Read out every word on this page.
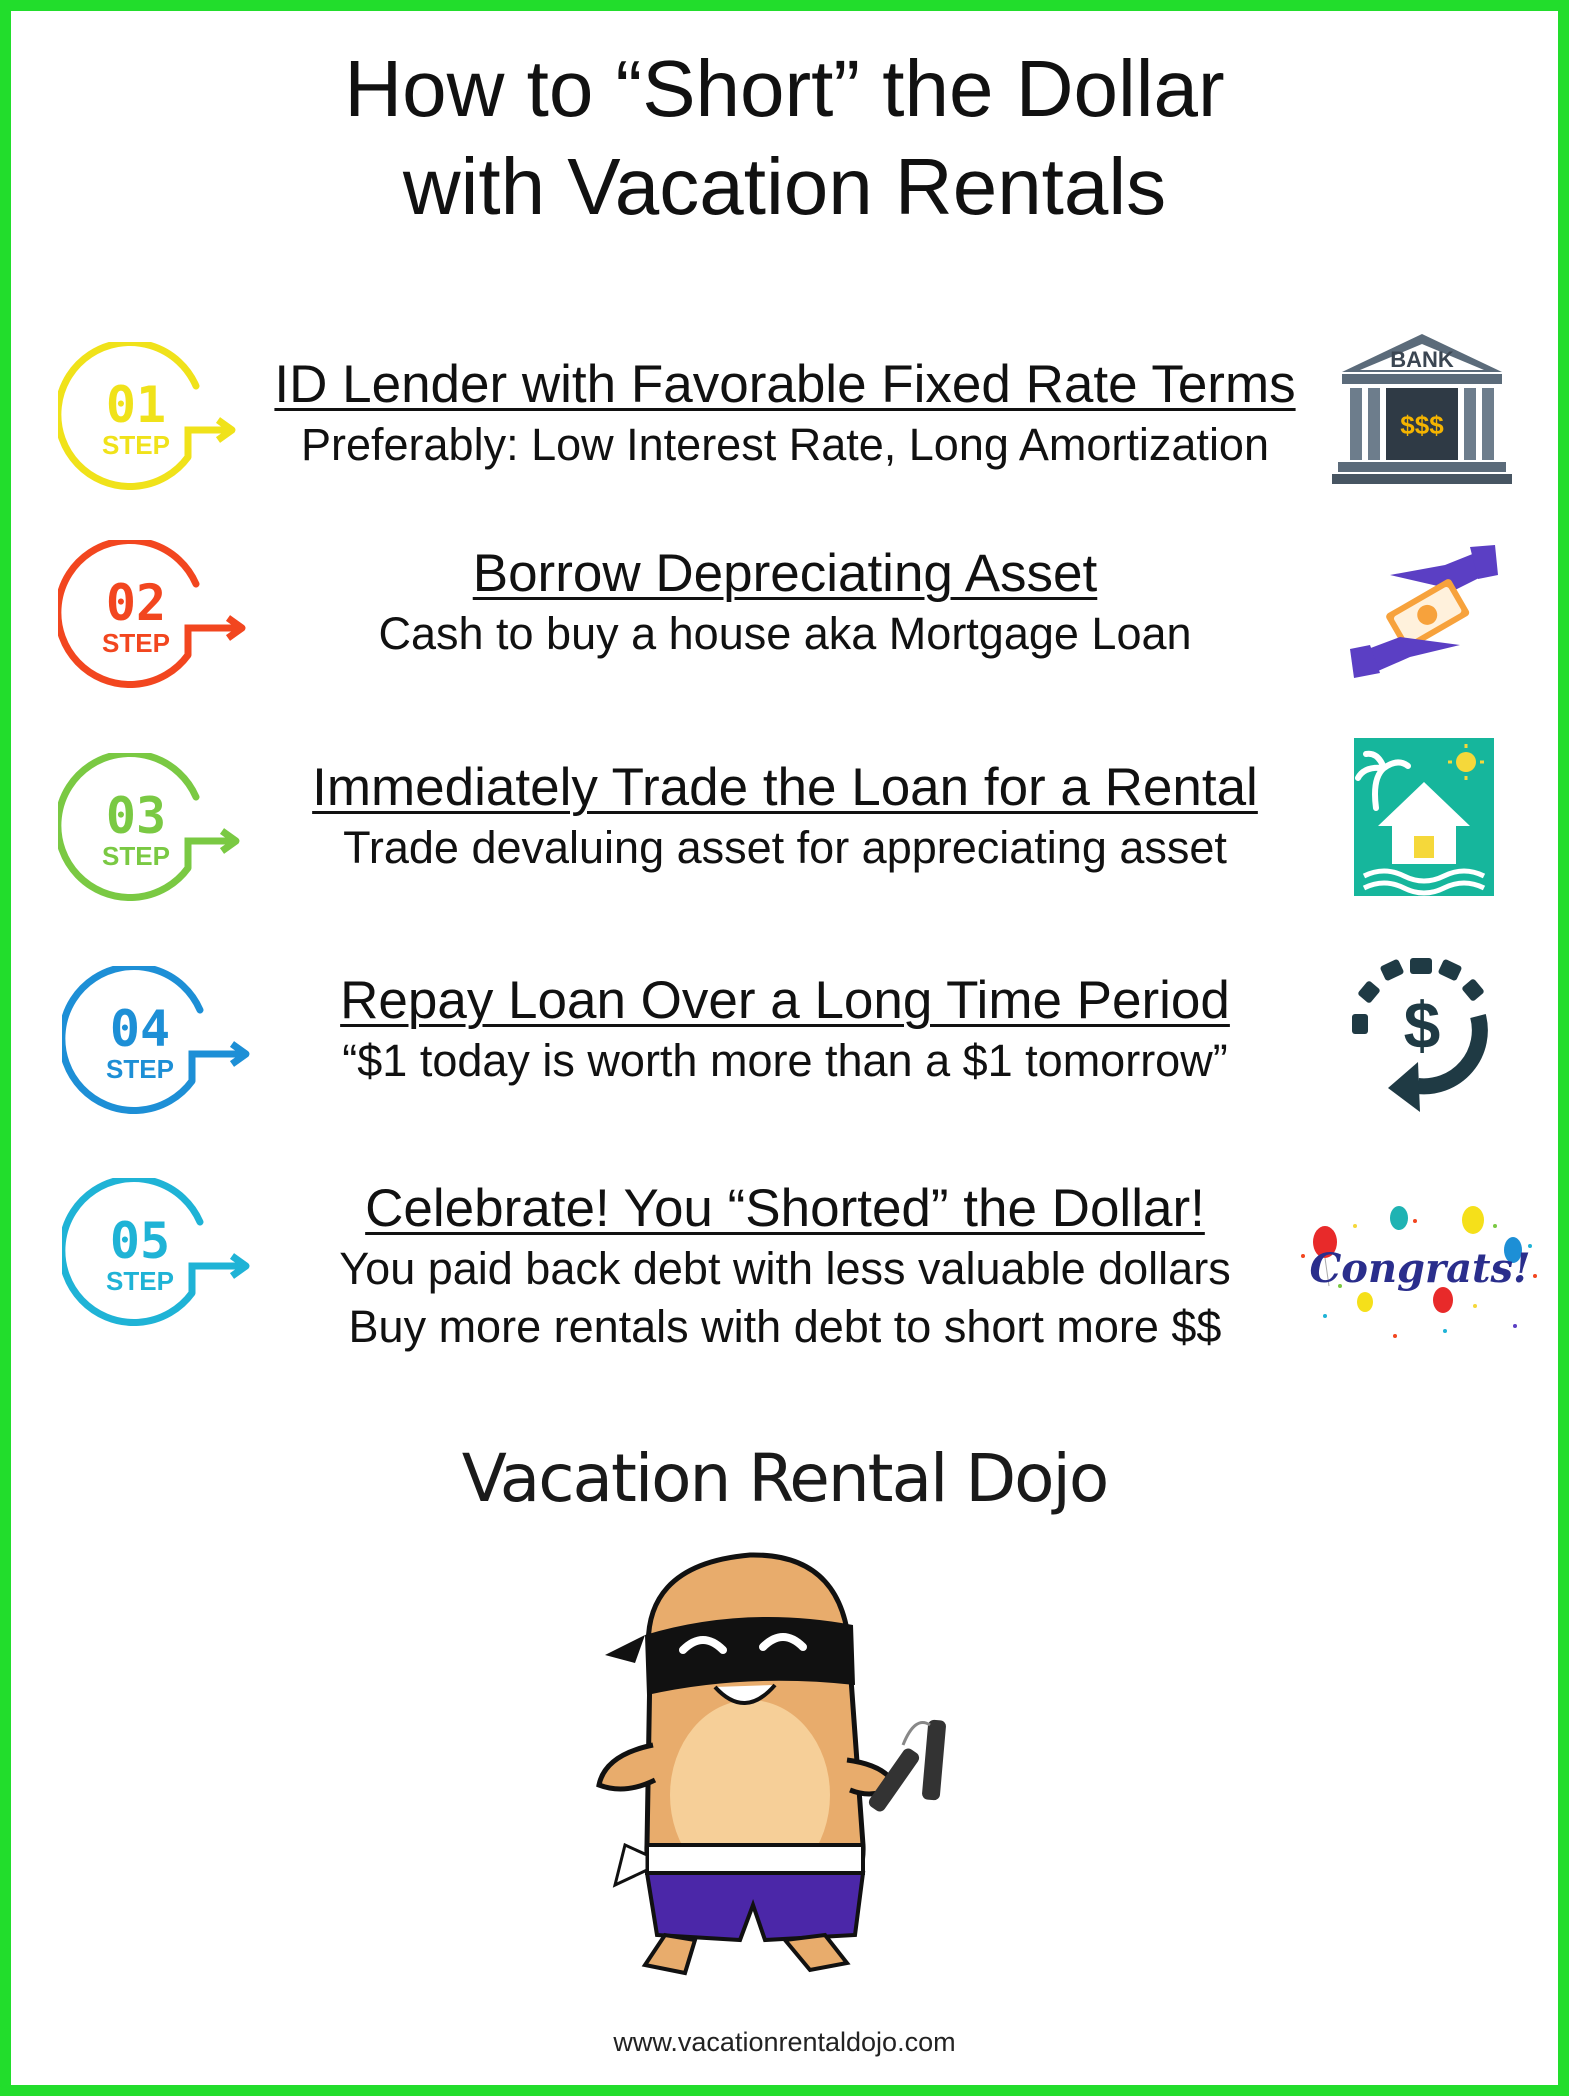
How to “Short” the Dollar
with Vacation Rentals
01
STEP
ID Lender with Favorable Fixed Rate Terms
Preferably: Low Interest Rate, Long Amortization
BANK
$$$
02
STEP
Borrow Depreciating Asset
Cash to buy a house aka Mortgage Loan
03
STEP
Immediately Trade the Loan for a Rental
Trade devaluing asset for appreciating asset
04
STEP
Repay Loan Over a Long Time Period
“$1 today is worth more than a $1 tomorrow”	$
05
STEP
Celebrate! You “Shorted” the Dollar!
You paid back debt with less valuable dollars
Buy more rentals with debt to short more $$
Congrats!
Vacation Rental Dojo
www.vacationrentaldojo.com
